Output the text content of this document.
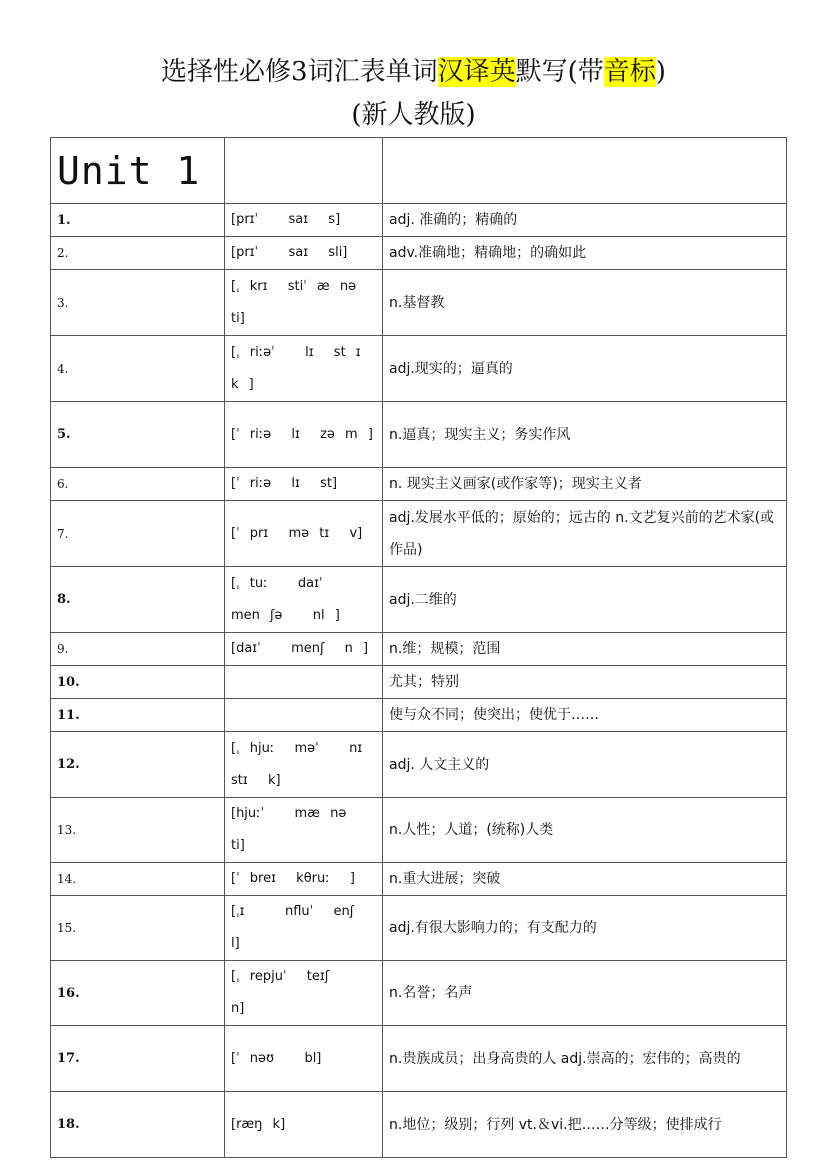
选择性必修3词汇表单词汉译英默写(带音标)
(新人教版)
Unit 1		
1.	[prɪˈ   saɪ  s]	adj. 准确的；精确的
2.	[prɪˈ   saɪ  sli]	adv.准确地；精确地；的确如此
3.	[ˌ krɪ  stiˈ æ nə  ti]	n.基督教
4.	[ˌ riːəˈ   lɪ  st ɪ  k ]	adj.现实的；逼真的
5.	[ˈ riːə  lɪ  zə m ]	n.逼真；现实主义；务实作风
6.	[ˈ riːə  lɪ  st]	n. 现实主义画家(或作家等)；现实主义者
7.	[ˈ prɪ  mə tɪ  v]	adj.发展水平低的；原始的；远古的 n.文艺复兴前的艺术家(或作品)
8.	[ˌ tuː   daɪˈ   men ʃə   nl ]	adj.二维的
9.	[daɪˈ   menʃ  n ]	n.维；规模；范围
10.		尤其；特别
11.		使与众不同；使突出；使优于……
12.	[ˌ hjuː  məˈ   nɪ stɪ  k]	adj. 人文主义的
13.	[hjuːˈ   mæ nə  ti]	n.人性；人道；(统称)人类
14.	[ˈ breɪ  kθruː  ]	n.重大进展；突破
15.	[ˌɪ    nfluˈ  enʃ  l]	adj.有很大影响力的；有支配力的
16.	[ˌ repjuˈ  teɪʃ    n]	n.名誉；名声
17.	[ˈ nəʊ   bl]	n.贵族成员；出身高贵的人 adj.崇高的；宏伟的；高贵的
18.	[ræŋ k]	n.地位；级别；行列 vt.＆vi.把……分等级；使排成行
